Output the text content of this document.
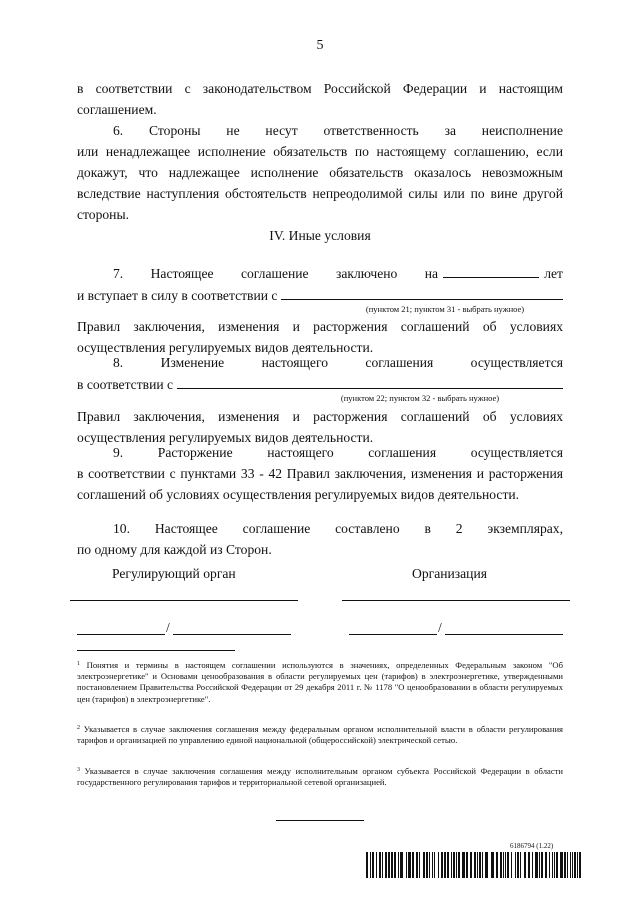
5
в соответствии с законодательством Российской Федерации и настоящим
соглашением.
6. Стороны не несут ответственность за неисполнение
или ненадлежащее исполнение обязательств по настоящему соглашению, если докажут, что надлежащее исполнение обязательств оказалось невозможным вследствие наступления обстоятельств непреодолимой силы или по вине другой стороны.
IV. Иные условия
7. Настоящее соглашение заключено на	лет
и вступает в силу в соответствии с
(пунктом 21; пунктом 31 - выбрать нужное)
Правил заключения, изменения и расторжения соглашений об условиях осуществления регулируемых видов деятельности.
8. Изменение настоящего соглашения осуществляется
в соответствии с
(пунктом 22; пунктом 32 - выбрать нужное)
Правил заключения, изменения и расторжения соглашений об условиях осуществления регулируемых видов деятельности.
9. Расторжение настоящего соглашения осуществляется
в соответствии с пунктами 33 - 42 Правил заключения, изменения и расторжения соглашений об условиях осуществления регулируемых видов деятельности.
10. Настоящее соглашение составлено в 2 экземплярах,
по одному для каждой из Сторон.
Регулирующий орган	Организация
/	/
$^1$ Понятия и термины в настоящем соглашении используются в значениях, определенных Федеральным законом "Об электроэнергетике" и Основами ценообразования в области регулируемых цен (тарифов) в электроэнергетике, утвержденными постановлением Правительства Российской Федерации от 29 декабря 2011 г. № 1178 "О ценообразовании в области регулируемых цен (тарифов) в электроэнергетике".
$^2$ Указывается в случае заключения соглашения между федеральным органом исполнительной власти в области регулирования тарифов и организацией по управлению единой национальной (общероссийской) электрической сетью.
$^3$ Указывается в случае заключения соглашения между исполнительным органом субъекта Российской Федерации в области государственного регулирования тарифов и территориальной сетевой организацией.
6186794 (1.22)
